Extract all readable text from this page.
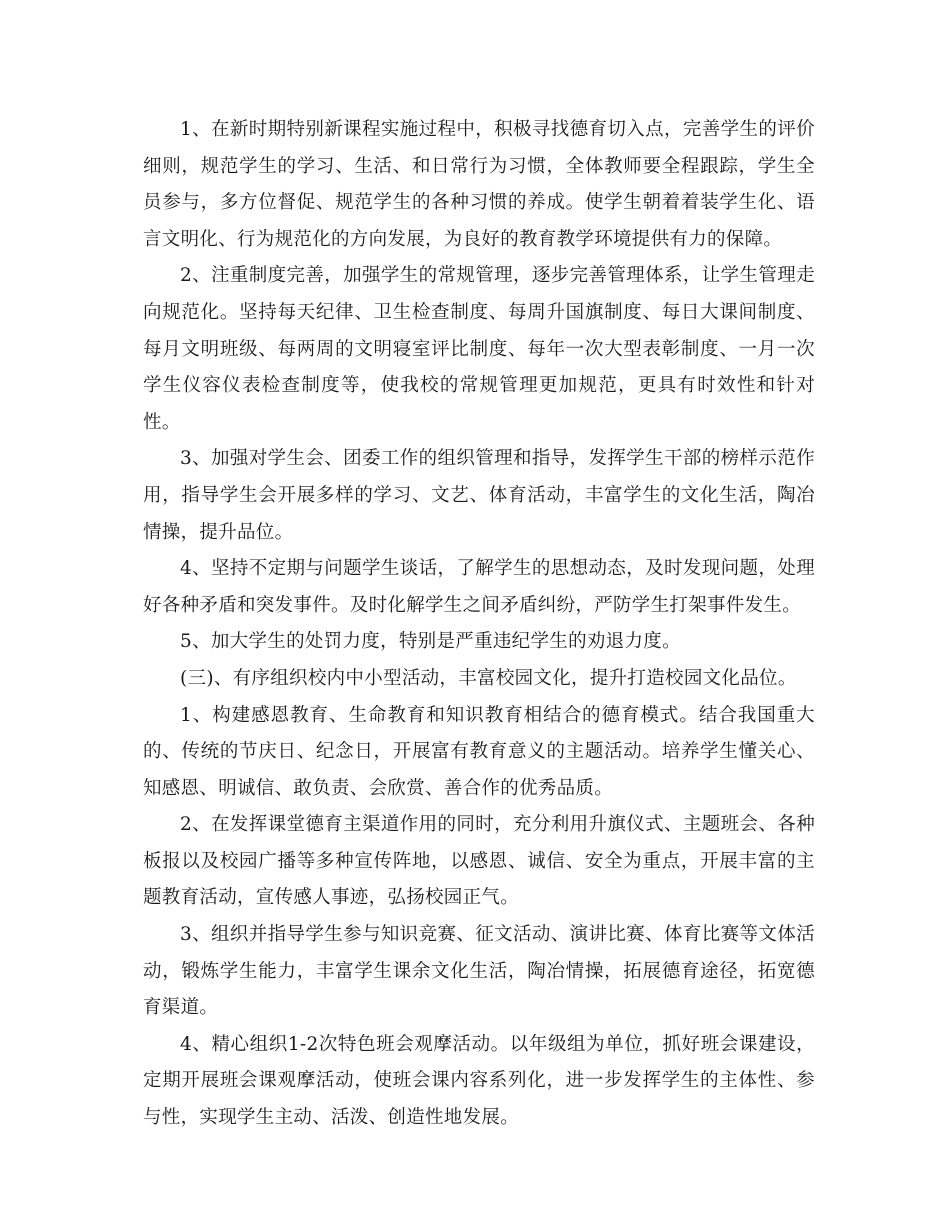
1、在新时期特别新课程实施过程中，积极寻找德育切入点，完善学生的评价细则，规范学生的学习、生活、和日常行为习惯，全体教师要全程跟踪，学生全员参与，多方位督促、规范学生的各种习惯的养成。使学生朝着着装学生化、语言文明化、行为规范化的方向发展，为良好的教育教学环境提供有力的保障。

2、注重制度完善，加强学生的常规管理，逐步完善管理体系，让学生管理走向规范化。坚持每天纪律、卫生检查制度、每周升国旗制度、每日大课间制度、每月文明班级、每两周的文明寝室评比制度、每年一次大型表彰制度、一月一次学生仪容仪表检查制度等，使我校的常规管理更加规范，更具有时效性和针对性。

3、加强对学生会、团委工作的组织管理和指导，发挥学生干部的榜样示范作用，指导学生会开展多样的学习、文艺、体育活动，丰富学生的文化生活，陶冶情操，提升品位。

4、坚持不定期与问题学生谈话，了解学生的思想动态，及时发现问题，处理好各种矛盾和突发事件。及时化解学生之间矛盾纠纷，严防学生打架事件发生。

5、加大学生的处罚力度，特别是严重违纪学生的劝退力度。

(三)、有序组织校内中小型活动，丰富校园文化，提升打造校园文化品位。

1、构建感恩教育、生命教育和知识教育相结合的德育模式。结合我国重大的、传统的节庆日、纪念日，开展富有教育意义的主题活动。培养学生懂关心、知感恩、明诚信、敢负责、会欣赏、善合作的优秀品质。

2、在发挥课堂德育主渠道作用的同时，充分利用升旗仪式、主题班会、各种板报以及校园广播等多种宣传阵地，以感恩、诚信、安全为重点，开展丰富的主题教育活动，宣传感人事迹，弘扬校园正气。

3、组织并指导学生参与知识竞赛、征文活动、演讲比赛、体育比赛等文体活动，锻炼学生能力，丰富学生课余文化生活，陶冶情操，拓展德育途径，拓宽德育渠道。

4、精心组织1-2次特色班会观摩活动。以年级组为单位，抓好班会课建设，定期开展班会课观摩活动，使班会课内容系列化，进一步发挥学生的主体性、参与性，实现学生主动、活泼、创造性地发展。
